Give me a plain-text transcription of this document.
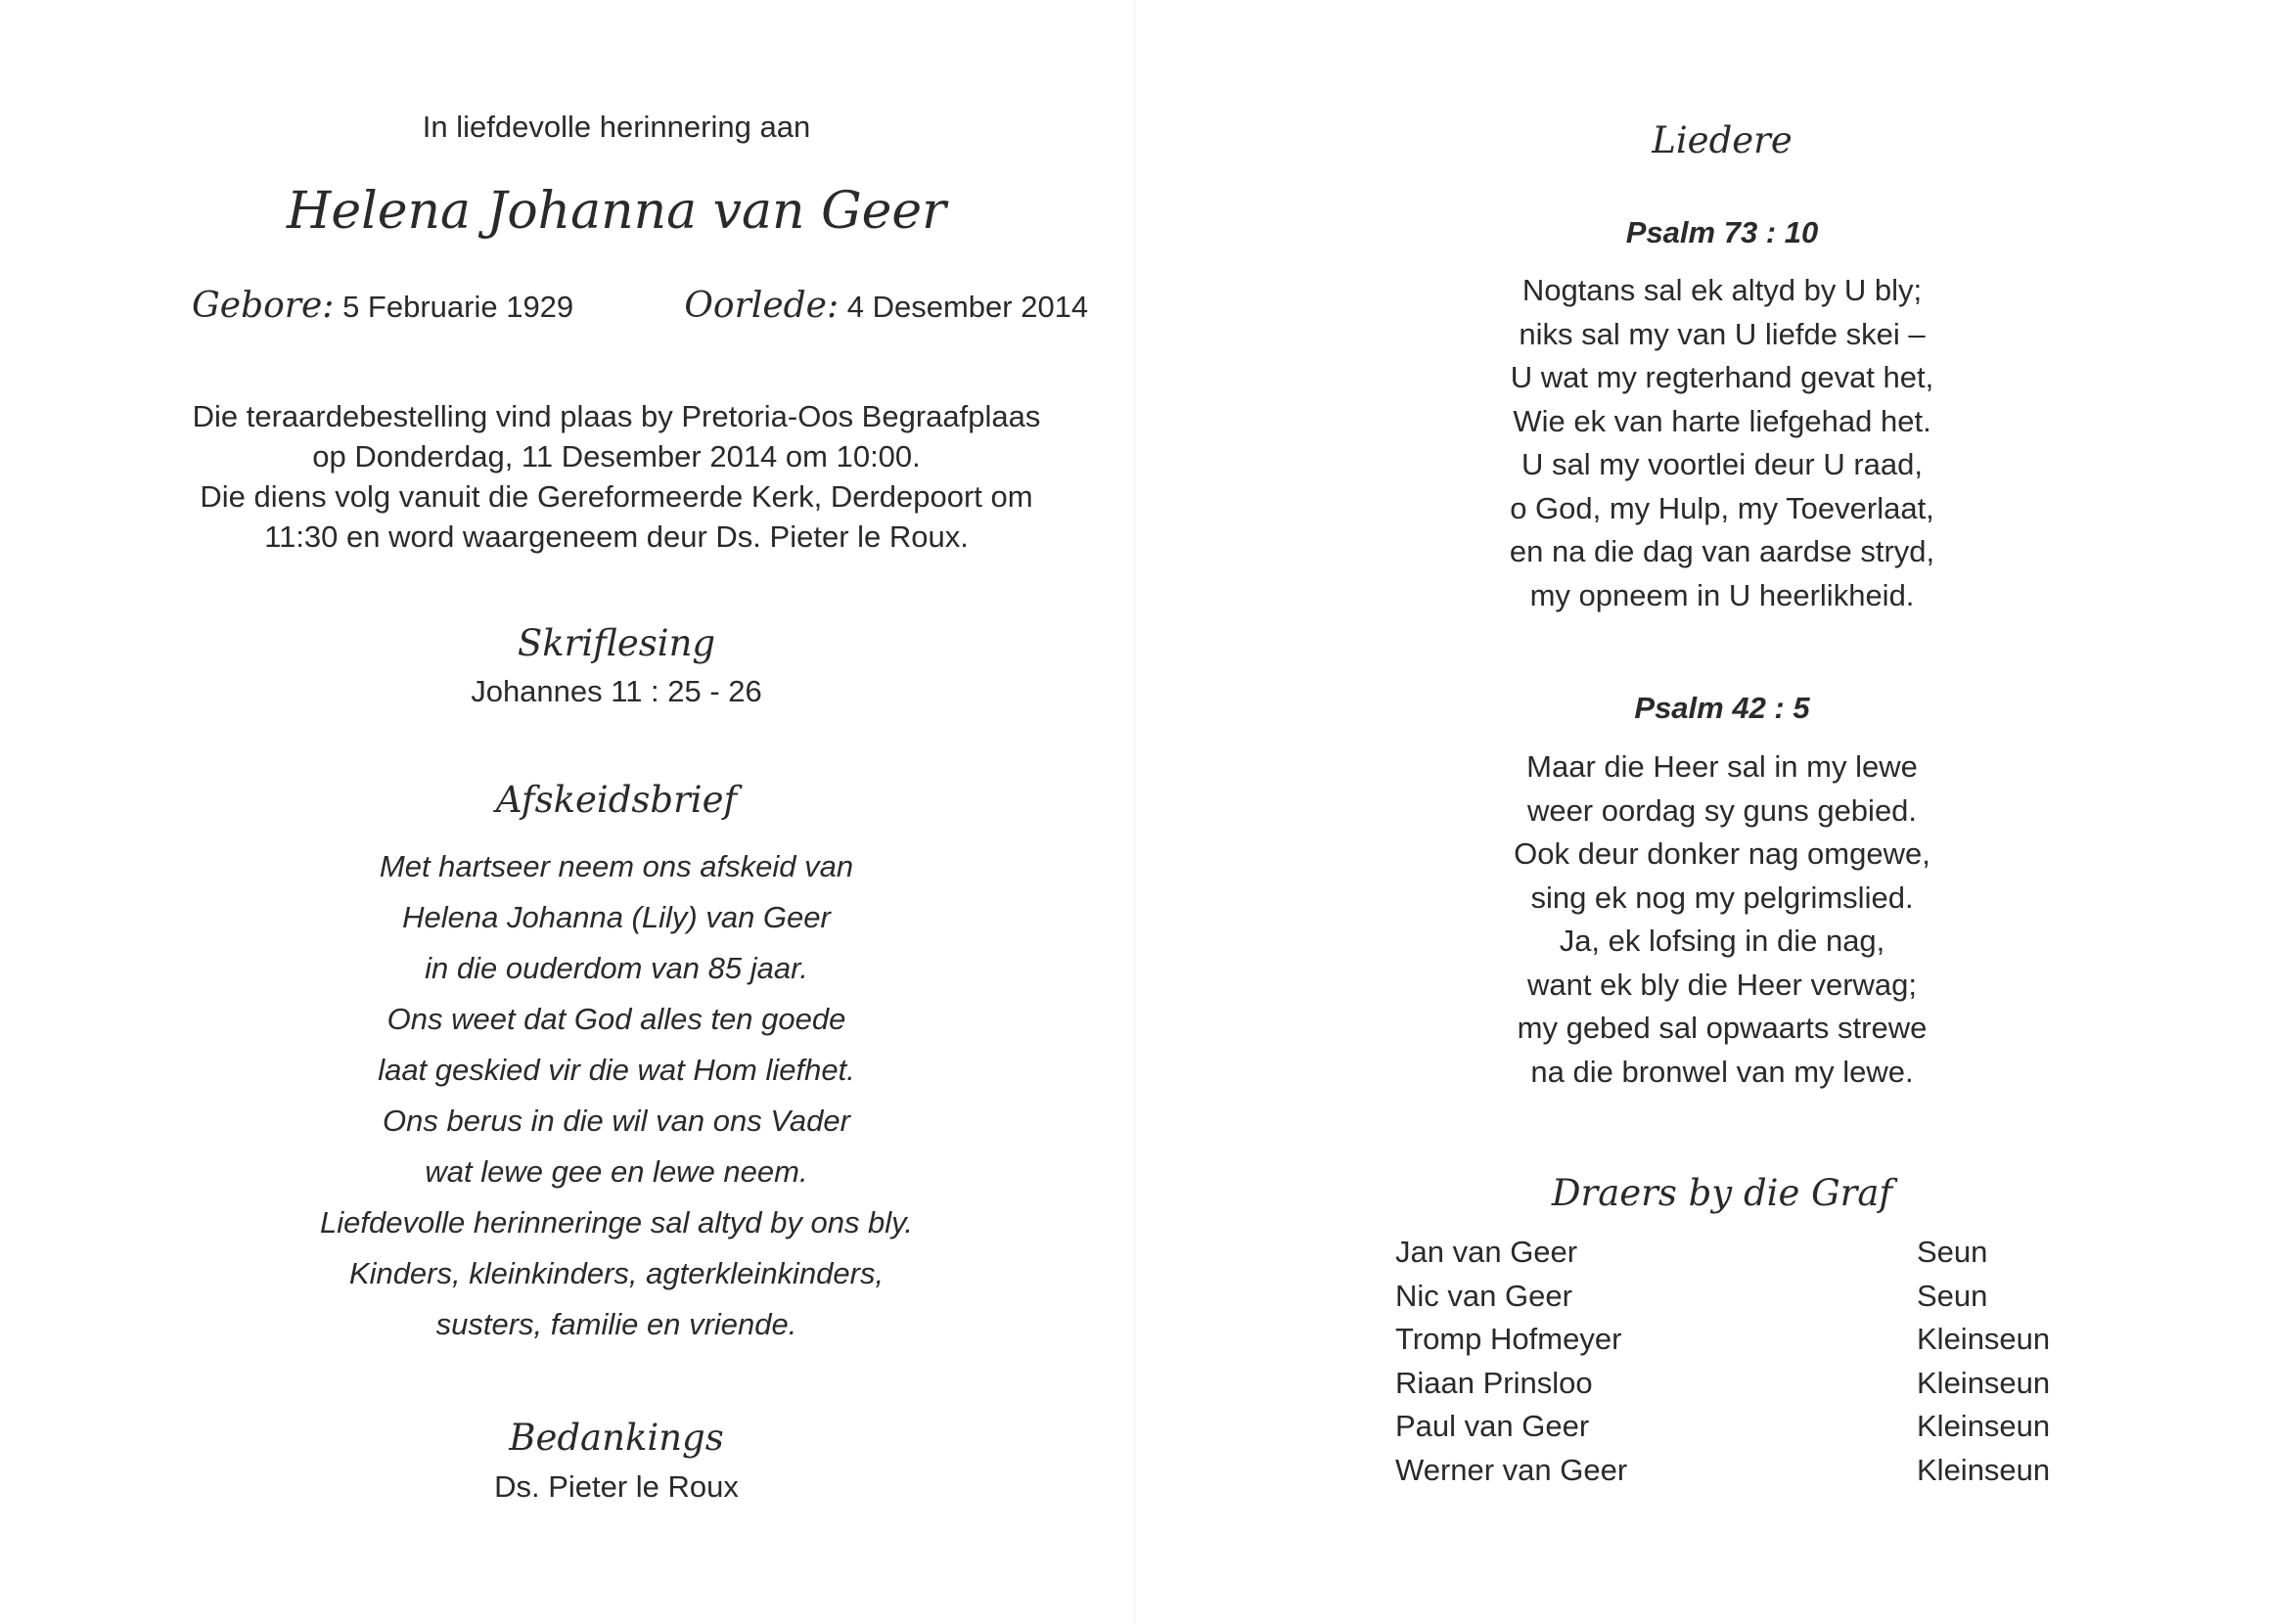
In liefdevolle herinnering aan
Helena Johanna van Geer
Gebore: 5 Februarie 1929	Oorlede: 4 Desember 2014
Die teraardebestelling vind plaas by Pretoria-Oos Begraafplaas
op Donderdag, 11 Desember 2014 om 10:00.
Die diens volg vanuit die Gereformeerde Kerk, Derdepoort om
11:30 en word waargeneem deur Ds. Pieter le Roux.
Skriflesing
Johannes 11 : 25 - 26
Afskeidsbrief
Met hartseer neem ons afskeid van
Helena Johanna (Lily) van Geer
in die ouderdom van 85 jaar.
Ons weet dat God alles ten goede
laat geskied vir die wat Hom liefhet.
Ons berus in die wil van ons Vader
wat lewe gee en lewe neem.
Liefdevolle herinneringe sal altyd by ons bly.
Kinders, kleinkinders, agterkleinkinders,
susters, familie en vriende.
Bedankings
Ds. Pieter le Roux
Liedere
Psalm 73 : 10
Nogtans sal ek altyd by U bly;
niks sal my van U liefde skei –
U wat my regterhand gevat het,
Wie ek van harte liefgehad het.
U sal my voortlei deur U raad,
o God, my Hulp, my Toeverlaat,
en na die dag van aardse stryd,
my opneem in U heerlikheid.
Psalm 42 : 5
Maar die Heer sal in my lewe
weer oordag sy guns gebied.
Ook deur donker nag omgewe,
sing ek nog my pelgrimslied.
Ja, ek lofsing in die nag,
want ek bly die Heer verwag;
my gebed sal opwaarts strewe
na die bronwel van my lewe.
Draers by die Graf
Jan van Geer	Seun
Nic van Geer	Seun
Tromp Hofmeyer	Kleinseun
Riaan Prinsloo	Kleinseun
Paul van Geer	Kleinseun
Werner van Geer	Kleinseun
